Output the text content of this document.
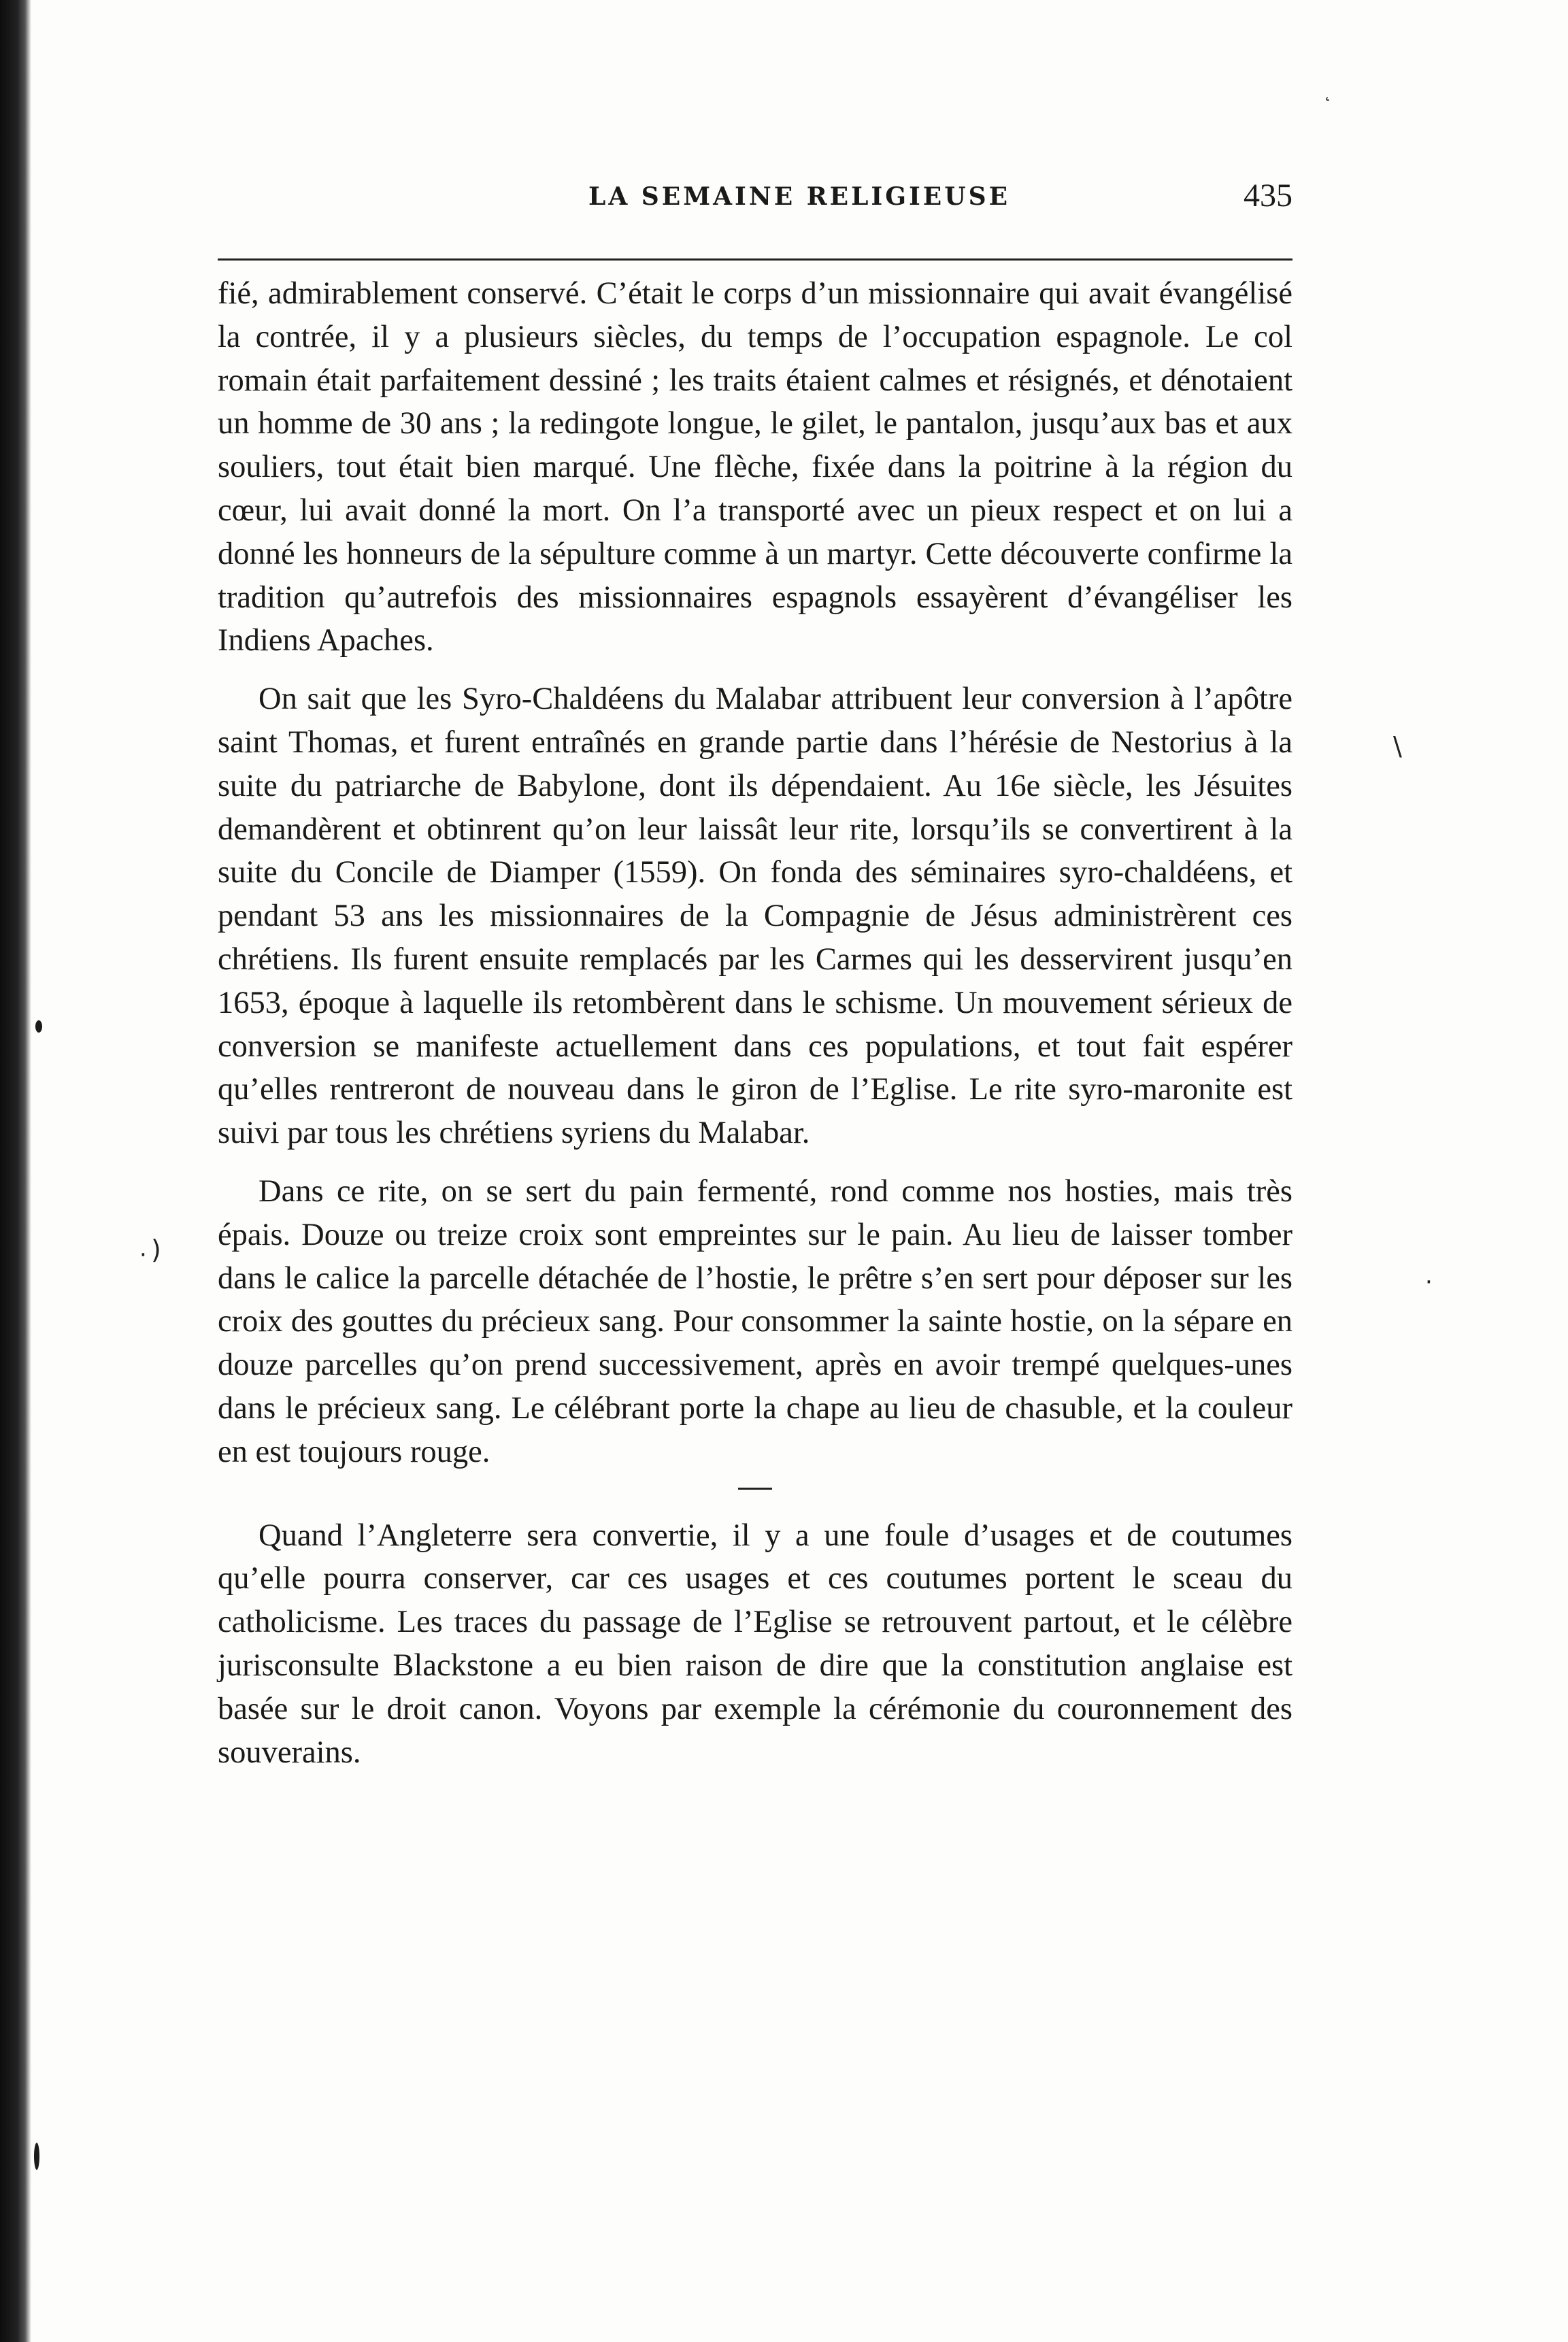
LA SEMAINE RELIGIEUSE	435

fié, admirablement conservé. C’était le corps d’un missionnaire qui avait évangélisé la contrée, il y a plusieurs siècles, du temps de l’occupation espagnole. Le col romain était parfaitement dessiné ; les traits étaient calmes et résignés, et dénotaient un homme de 30 ans ; la redingote longue, le gilet, le pantalon, jusqu’aux bas et aux souliers, tout était bien marqué. Une flèche, fixée dans la poitrine à la région du cœur, lui avait donné la mort. On l’a transporté avec un pieux respect et on lui a donné les honneurs de la sépulture comme à un martyr. Cette découverte confirme la tradition qu’autrefois des missionnaires espagnols essayèrent d’évangéliser les Indiens Apaches.

On sait que les Syro-Chaldéens du Malabar attribuent leur conversion à l’apôtre saint Thomas, et furent entraînés en grande partie dans l’hérésie de Nestorius à la suite du patriarche de Babylone, dont ils dépendaient. Au 16e siècle, les Jésuites demandèrent et obtinrent qu’on leur laissât leur rite, lorsqu’ils se convertirent à la suite du Concile de Diamper (1559). On fonda des séminaires syro-chaldéens, et pendant 53 ans les missionnaires de la Compagnie de Jésus administrèrent ces chrétiens. Ils furent ensuite remplacés par les Carmes qui les desservirent jusqu’en 1653, époque à laquelle ils retombèrent dans le schisme. Un mouvement sérieux de conversion se manifeste actuellement dans ces populations, et tout fait espérer qu’elles rentreront de nouveau dans le giron de l’Eglise. Le rite syro-maronite est suivi par tous les chrétiens syriens du Malabar.

Dans ce rite, on se sert du pain fermenté, rond comme nos hosties, mais très épais. Douze ou treize croix sont empreintes sur le pain. Au lieu de laisser tomber dans le calice la parcelle détachée de l’hostie, le prêtre s’en sert pour déposer sur les croix des gouttes du précieux sang. Pour consommer la sainte hostie, on la sépare en douze parcelles qu’on prend successivement, après en avoir trempé quelques-unes dans le précieux sang. Le célébrant porte la chape au lieu de chasuble, et la couleur en est toujours rouge.

Quand l’Angleterre sera convertie, il y a une foule d’usages et de coutumes qu’elle pourra conserver, car ces usages et ces coutumes portent le sceau du catholicisme. Les traces du passage de l’Eglise se retrouvent partout, et le célèbre jurisconsulte Blackstone a eu bien raison de dire que la constitution anglaise est basée sur le droit canon. Voyons par exemple la cérémonie du couronnement des souverains.

˛
\
· )
·
